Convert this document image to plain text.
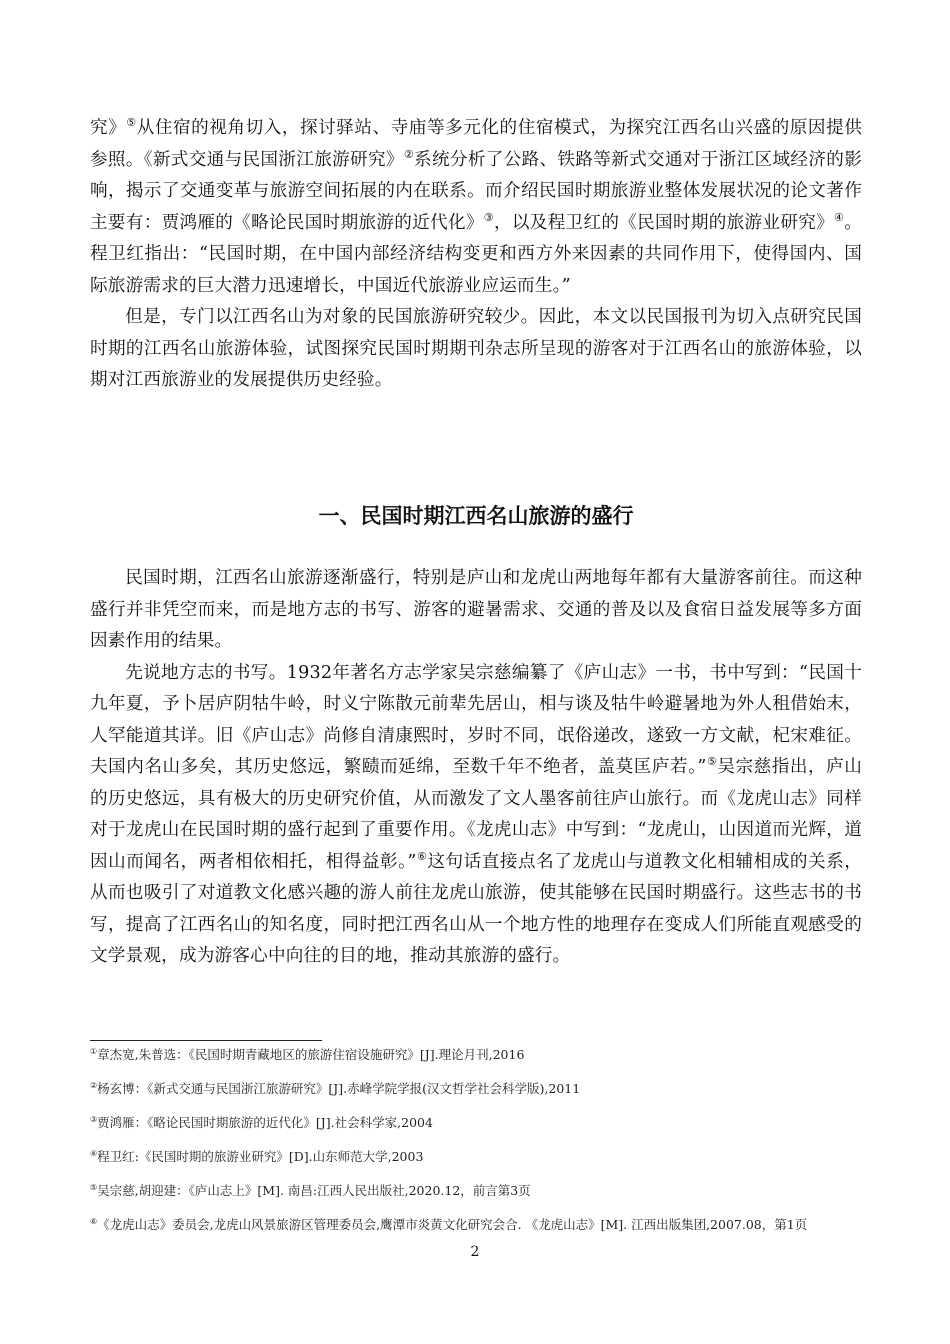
究》⑤从住宿的视角切入，探讨驿站、寺庙等多元化的住宿模式，为探究江西名山兴盛的原因提供参照。《新式交通与民国浙江旅游研究》②系统分析了公路、铁路等新式交通对于浙江区域经济的影响，揭示了交通变革与旅游空间拓展的内在联系。而介绍民国时期旅游业整体发展状况的论文著作主要有：贾鸿雁的《略论民国时期旅游的近代化》③，以及程卫红的《民国时期的旅游业研究》④。程卫红指出：“民国时期，在中国内部经济结构变更和西方外来因素的共同作用下，使得国内、国际旅游需求的巨大潜力迅速增长，中国近代旅游业应运而生。”

但是，专门以江西名山为对象的民国旅游研究较少。因此，本文以民国报刊为切入点研究民国时期的江西名山旅游体验，试图探究民国时期期刊杂志所呈现的游客对于江西名山的旅游体验，以期对江西旅游业的发展提供历史经验。

一、民国时期江西名山旅游的盛行

民国时期，江西名山旅游逐渐盛行，特别是庐山和龙虎山两地每年都有大量游客前往。而这种盛行并非凭空而来，而是地方志的书写、游客的避暑需求、交通的普及以及食宿日益发展等多方面因素作用的结果。

先说地方志的书写。1932年著名方志学家吴宗慈编纂了《庐山志》一书，书中写到：“民国十九年夏，予卜居庐阴牯牛岭，时义宁陈散元前辈先居山，相与谈及牯牛岭避暑地为外人租借始末，人罕能道其详。旧《庐山志》尚修自清康熙时，岁时不同，氓俗递改，遂致一方文献，杞宋难征。夫国内名山多矣，其历史悠远，繁赜而延绵，至数千年不绝者，盖莫匡庐若。”⑤吴宗慈指出，庐山的历史悠远，具有极大的历史研究价值，从而激发了文人墨客前往庐山旅行。而《龙虎山志》同样对于龙虎山在民国时期的盛行起到了重要作用。《龙虎山志》中写到：“龙虎山，山因道而光辉，道因山而闻名，两者相依相托，相得益彰。”⑥这句话直接点名了龙虎山与道教文化相辅相成的关系，从而也吸引了对道教文化感兴趣的游人前往龙虎山旅游，使其能够在民国时期盛行。这些志书的书写，提高了江西名山的知名度，同时把江西名山从一个地方性的地理存在变成人们所能直观感受的文学景观，成为游客心中向往的目的地，推动其旅游的盛行。

①章杰宽,朱普选：《民国时期青藏地区的旅游住宿设施研究》[J].理论月刊,2016

②杨玄博：《新式交通与民国浙江旅游研究》[J].赤峰学院学报(汉文哲学社会科学版),2011

③贾鸿雁：《略论民国时期旅游的近代化》[J].社会科学家,2004

④程卫红:《民国时期的旅游业研究》[D].山东师范大学,2003

⑤吴宗慈,胡迎建：《庐山志上》[M]. 南昌:江西人民出版社,2020.12，前言第3页

⑥《龙虎山志》委员会,龙虎山风景旅游区管理委员会,鹰潭市炎黄文化研究会合. 《龙虎山志》[M]. 江西出版集团,2007.08，第1页

2
